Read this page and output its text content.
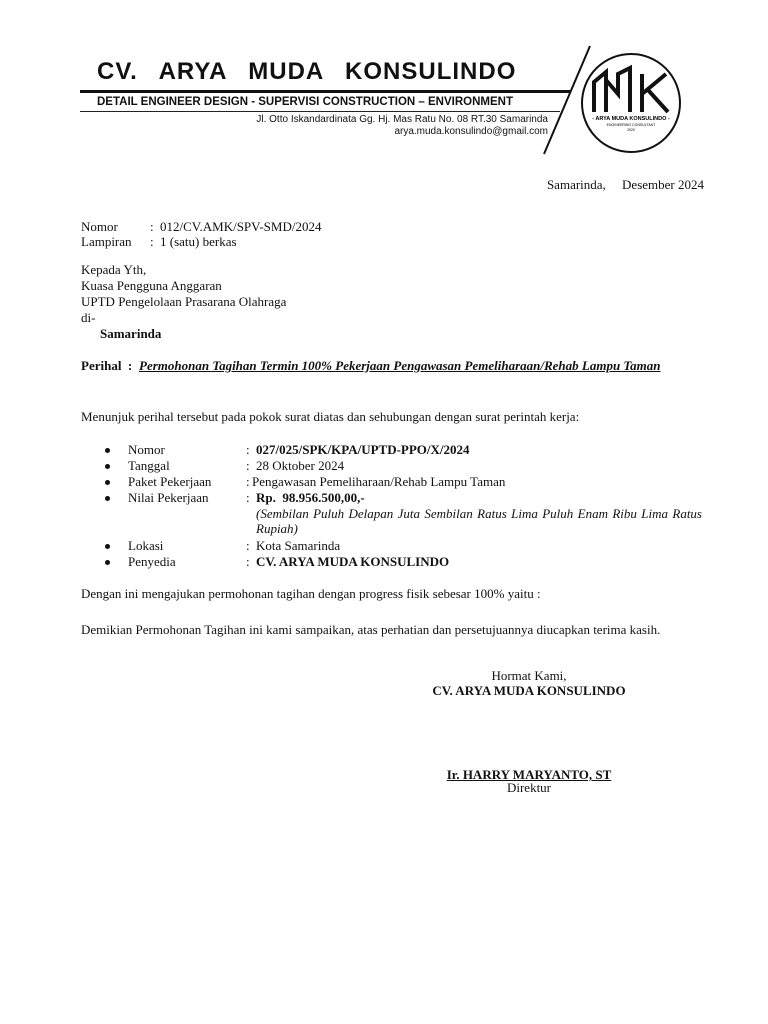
CV. ARYA MUDA KONSULINDO
DETAIL ENGINEER DESIGN - SUPERVISI CONSTRUCTION – ENVIRONMENT
Jl. Otto Iskandardinata Gg. Hj. Mas Ratu No. 08 RT.30 Samarinda
arya.muda.konsulindo@gmail.com
- ARYA MUDA KONSULINDO -
ENGINEERING CONSULTANT
2020
Samarinda,     Desember 2024
Nomor : 012/CV.AMK/SPV-SMD/2024
Lampiran : 1 (satu) berkas
Kepada Yth,
Kuasa Pengguna Anggaran
UPTD Pengelolaan Prasarana Olahraga
di-
Samarinda
Perihal  : Permohonan Tagihan Termin 100% Pekerjaan Pengawasan Pemeliharaan/Rehab Lampu Taman
Menunjuk perihal tersebut pada pokok surat diatas dan sehubungan dengan surat perintah kerja:
Nomor	: 027/025/SPK/KPA/UPTD-PPO/X/2024
Tanggal	: 28 Oktober 2024
Paket Pekerjaan	: Pengawasan Pemeliharaan/Rehab Lampu Taman
Nilai Pekerjaan	: Rp.  98.956.500,00,-
(Sembilan Puluh Delapan Juta Sembilan Ratus Lima Puluh Enam Ribu Lima Ratus
Rupiah)
Lokasi	: Kota Samarinda
Penyedia	: CV. ARYA MUDA KONSULINDO
Dengan ini mengajukan permohonan tagihan dengan progress fisik sebesar 100% yaitu :
Demikian Permohonan Tagihan ini kami sampaikan, atas perhatian dan persetujuannya diucapkan terima kasih.
Hormat Kami,
CV. ARYA MUDA KONSULINDO
Ir. HARRY MARYANTO, ST
Direktur
